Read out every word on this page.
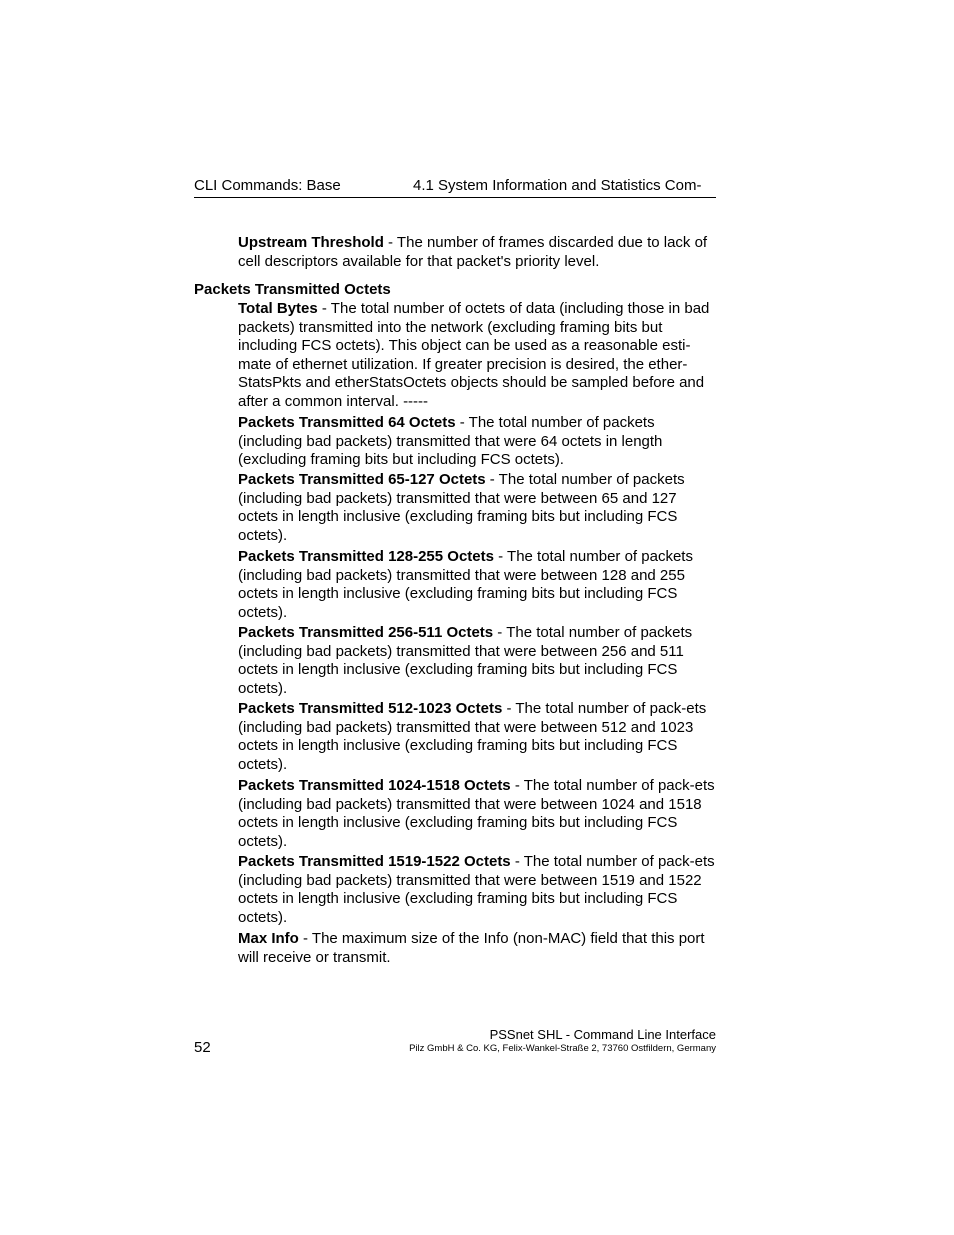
CLI Commands: Base	4.1 System Information and Statistics Com-

Upstream Threshold - The number of frames discarded due to lack of cell descriptors available for that packet's priority level.

Packets Transmitted Octets

Total Bytes - The total number of octets of data (including those in bad packets) transmitted into the network (excluding framing bits but including FCS octets). This object can be used as a reasonable esti-mate of ethernet utilization. If greater precision is desired, the ether-StatsPkts and etherStatsOctets objects should be sampled before and after a common interval. -----

Packets Transmitted 64 Octets - The total number of packets (including bad packets) transmitted that were 64 octets in length (excluding framing bits but including FCS octets).

Packets Transmitted 65-127 Octets - The total number of packets (including bad packets) transmitted that were between 65 and 127 octets in length inclusive (excluding framing bits but including FCS octets).

Packets Transmitted 128-255 Octets - The total number of packets (including bad packets) transmitted that were between 128 and 255 octets in length inclusive (excluding framing bits but including FCS octets).

Packets Transmitted 256-511 Octets - The total number of packets (including bad packets) transmitted that were between 256 and 511 octets in length inclusive (excluding framing bits but including FCS octets).

Packets Transmitted 512-1023 Octets - The total number of pack-ets (including bad packets) transmitted that were between 512 and 1023 octets in length inclusive (excluding framing bits but including FCS octets).

Packets Transmitted 1024-1518 Octets - The total number of pack-ets (including bad packets) transmitted that were between 1024 and 1518 octets in length inclusive (excluding framing bits but including FCS octets).

Packets Transmitted 1519-1522 Octets - The total number of pack-ets (including bad packets) transmitted that were between 1519 and 1522 octets in length inclusive (excluding framing bits but including FCS octets).

Max Info - The maximum size of the Info (non-MAC) field that this port will receive or transmit.

52
PSSnet SHL - Command Line Interface
Pilz GmbH & Co. KG, Felix-Wankel-Straße 2, 73760 Ostfildern, Germany
